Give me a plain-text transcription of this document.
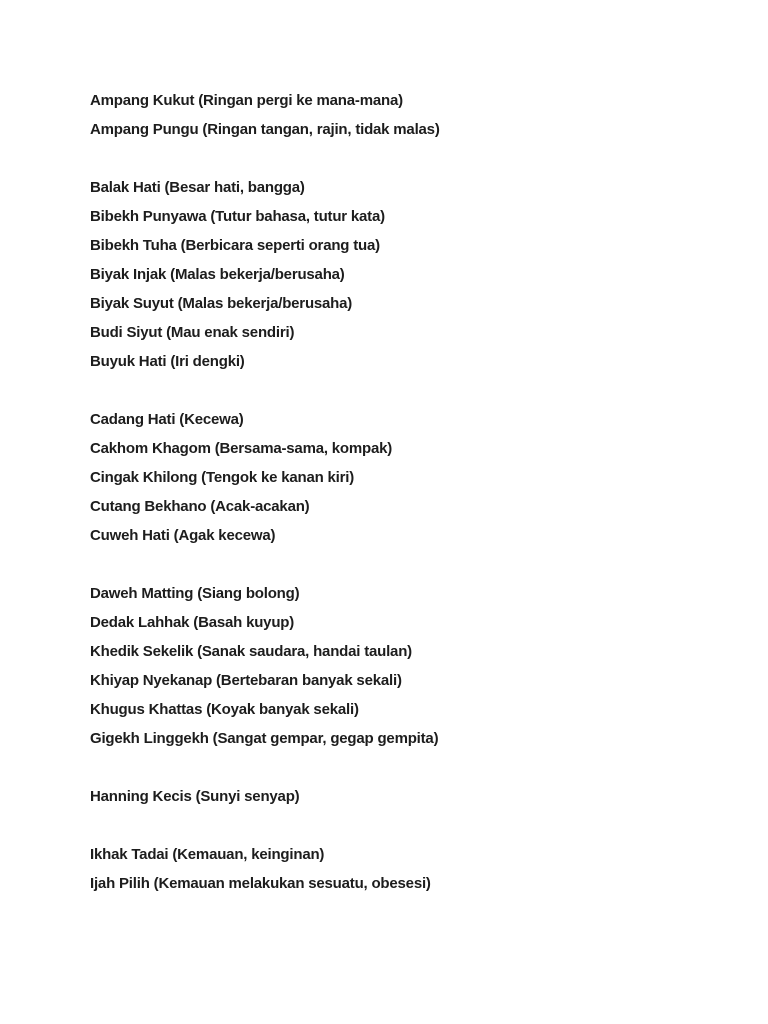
Ampang Kukut (Ringan pergi ke mana-mana)
Ampang Pungu (Ringan tangan, rajin, tidak malas)
Balak Hati (Besar hati, bangga)
Bibekh Punyawa (Tutur bahasa, tutur kata)
Bibekh Tuha (Berbicara seperti orang tua)
Biyak Injak (Malas bekerja/berusaha)
Biyak Suyut (Malas bekerja/berusaha)
Budi Siyut (Mau enak sendiri)
Buyuk Hati (Iri dengki)
Cadang Hati (Kecewa)
Cakhom Khagom (Bersama-sama, kompak)
Cingak Khilong (Tengok ke kanan kiri)
Cutang Bekhano (Acak-acakan)
Cuweh Hati (Agak kecewa)
Daweh Matting (Siang bolong)
Dedak Lahhak (Basah kuyup)
Khedik Sekelik (Sanak saudara, handai taulan)
Khiyap Nyekanap (Bertebaran banyak sekali)
Khugus Khattas (Koyak banyak sekali)
Gigekh Linggekh (Sangat gempar, gegap gempita)
Hanning Kecis (Sunyi senyap)
Ikhak Tadai (Kemauan, keinginan)
Ijah Pilih (Kemauan melakukan sesuatu, obesesi)
